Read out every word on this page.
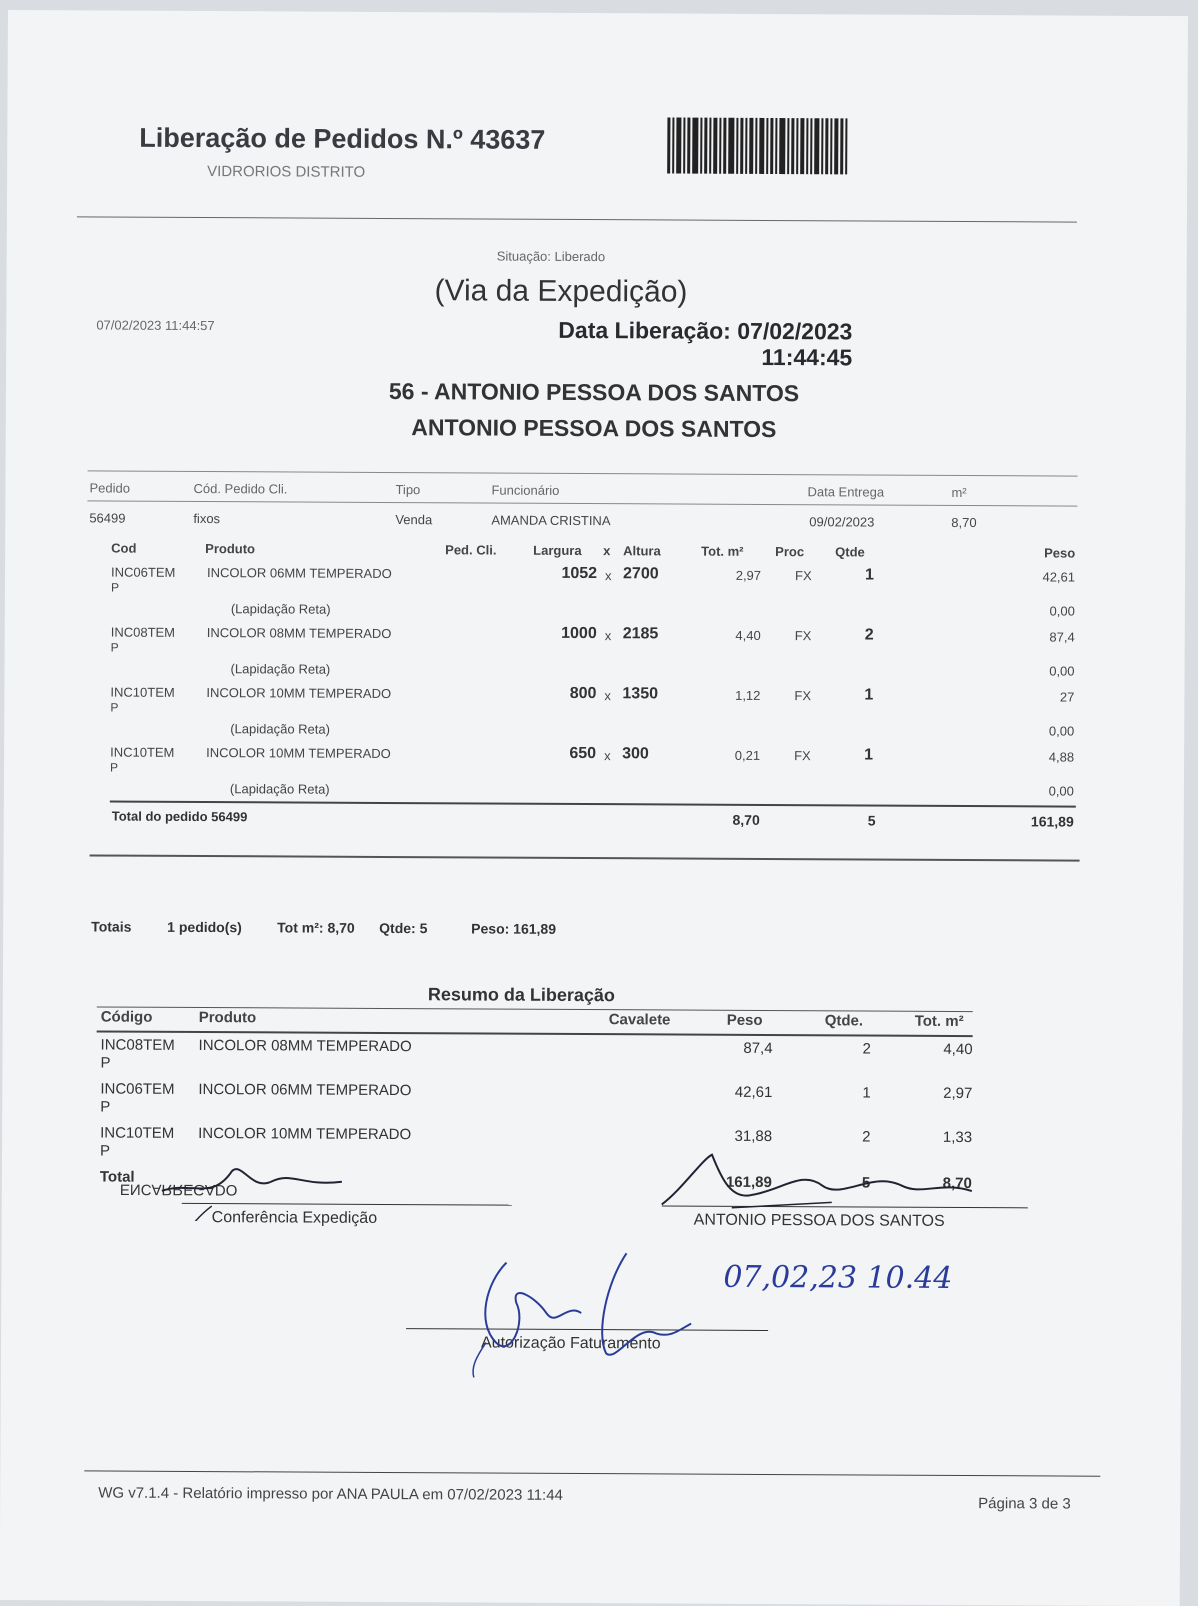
Liberação de Pedidos N.º 43637
VIDRORIOS DISTRITO
Situação: Liberado
(Via da Expedição)
07/02/2023 11:44:57	Data Liberação: 07/02/2023
11:44:45
56 - ANTONIO PESSOA DOS SANTOS
ANTONIO PESSOA DOS SANTOS
Pedido	Cód. Pedido Cli.	Tipo	Funcionário	Data Entrega	m²
56499	fixos	Venda	AMANDA CRISTINA	09/02/2023	8,70
Cod	Produto	Ped. Cli.	Largura x Altura	Tot. m² Proc Qtde	Peso
INC06TEM
P
INCOLOR 06MM TEMPERADO	1052 x 2700	2,97	FX	1	42,61
(Lapidação Reta)	0,00
INC08TEM
P
INCOLOR 08MM TEMPERADO	1000 x 2185	4,40	FX	2	87,4
(Lapidação Reta)	0,00
INC10TEM
P
INCOLOR 10MM TEMPERADO	800 x 1350	1,12	FX	1	27
(Lapidação Reta)	0,00
INC10TEM
P
INCOLOR 10MM TEMPERADO	650 x 300	0,21	FX	1	4,88
(Lapidação Reta)	0,00
Total do pedido 56499	8,70	5	161,89
Totais	1 pedido(s)	Tot m²: 8,70 Qtde: 5	Peso: 161,89
Resumo da Liberação
Código	Produto	Cavalete	Peso	Qtde.	Tot. m²
INC08TEM
P
INCOLOR 08MM TEMPERADO	87,4	2	4,40
INC06TEM
P
INCOLOR 06MM TEMPERADO	42,61	1	2,97
INC10TEM
P
INCOLOR 10MM TEMPERADO	31,88	2	1,33
Total	161,89	5	8,70
Conferência Expedição	ANTONIO PESSOA DOS SANTOS
Autorização Faturamento
ENCARREGADO
07,02,23 10.44
WG v7.1.4 - Relatório impresso por ANA PAULA em 07/02/2023 11:44	Página 3 de 3
